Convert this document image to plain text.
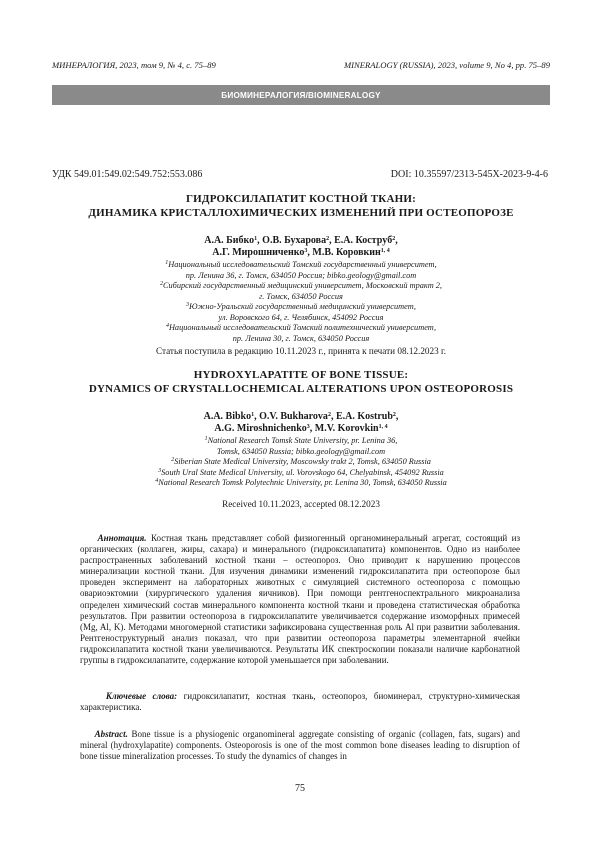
МИНЕРАЛОГИЯ, 2023, том 9, № 4, с. 75–89	MINERALOGY (RUSSIA), 2023, volume 9, No 4, pp. 75–89
БИОМИНЕРАЛОГИЯ/BIOMINERALOGY
УДК 549.01:549.02:549.752:553.086	DOI: 10.35597/2313-545X-2023-9-4-6
ГИДРОКСИЛАПАТИТ КОСТНОЙ ТКАНИ:
ДИНАМИКА КРИСТАЛЛОХИМИЧЕСКИХ ИЗМЕНЕНИЙ ПРИ ОСТЕОПОРОЗЕ
А.А. Бибко1, О.В. Бухарова2, Е.А. Кострyб2,
А.Г. Мирошниченко3, М.В. Коровкин1, 4
1Национальный исследовательский Томский государственный университет,
пр. Ленина 36, г. Томск, 634050 Россия; bibko.geology@gmail.com
2Сибирский государственный медицинский университет, Московский тракт 2,
г. Томск, 634050 Россия
3Южно-Уральский государственный медицинский университет,
ул. Воровского 64, г. Челябинск, 454092 Россия
4Национальный исследовательский Томский политехнический университет,
пр. Ленина 30, г. Томск, 634050 Россия
Статья поступила в редакцию 10.11.2023 г., принята к печати 08.12.2023 г.
HYDROXYLAPATITE OF BONE TISSUE:
DYNAMICS OF CRYSTALLOCHEMICAL ALTERATIONS UPON OSTEOPOROSIS
A.A. Bibko1, O.V. Bukharova2, E.A. Kostrub2,
A.G. Miroshnichenko3, M.V. Korovkin1, 4
1National Research Tomsk State University, pr. Lenina 36,
Tomsk, 634050 Russia; bibko.geology@gmail.com
2Siberian State Medical University, Moscowsky trakt 2, Tomsk, 634050 Russia
3South Ural State Medical University, ul. Vorovskogo 64, Chelyabinsk, 454092 Russia
4National Research Tomsk Polytechnic University, pr. Lenina 30, Tomsk, 634050 Russia
Received 10.11.2023, accepted 08.12.2023

Аннотация. Костная ткань представляет собой физиогенный органоминеральный агрегат, состоящий из органических (коллаген, жиры, сахара) и минерального (гидроксилапатита) компонентов. Одно из наиболее распространенных заболеваний костной ткани – остеопороз. Оно приводит к нарушению процессов минерализации костной ткани. Для изучения динамики изменений гидроксилапатита при остеопорозе был проведен эксперимент на лабораторных животных с симуляцией системного остеопороза с помощью овариоэктомии (хирургического удаления яичников). При помощи рентгеноспектрального микроанализа определен химический состав минерального компонента костной ткани и проведена статистическая обработка результатов. При развитии остеопороза в гидроксилапатите увеличивается содержание изоморфных примесей (Mg, Al, K). Методами многомерной статистики зафиксирована существенная роль Al при развитии заболевания. Рентгеноструктурный анализ показал, что при развитии остеопороза параметры элементарной ячейки гидроксилапатита костной ткани увеличиваются. Результаты ИК спектроскопии показали наличие карбонатной группы в гидроксилапатите, содержание которой уменьшается при заболевании.

Ключевые слова: гидроксилапатит, костная ткань, остеопороз, биоминерал, структурно-химическая характеристика.

Abstract. Bone tissue is a physiogenic organomineral aggregate consisting of organic (collagen, fats, sugars) and mineral (hydroxylapatite) components. Osteoporosis is one of the most common bone diseases leading to disruption of bone tissue mineralization processes. To study the dynamics of changes in

75
